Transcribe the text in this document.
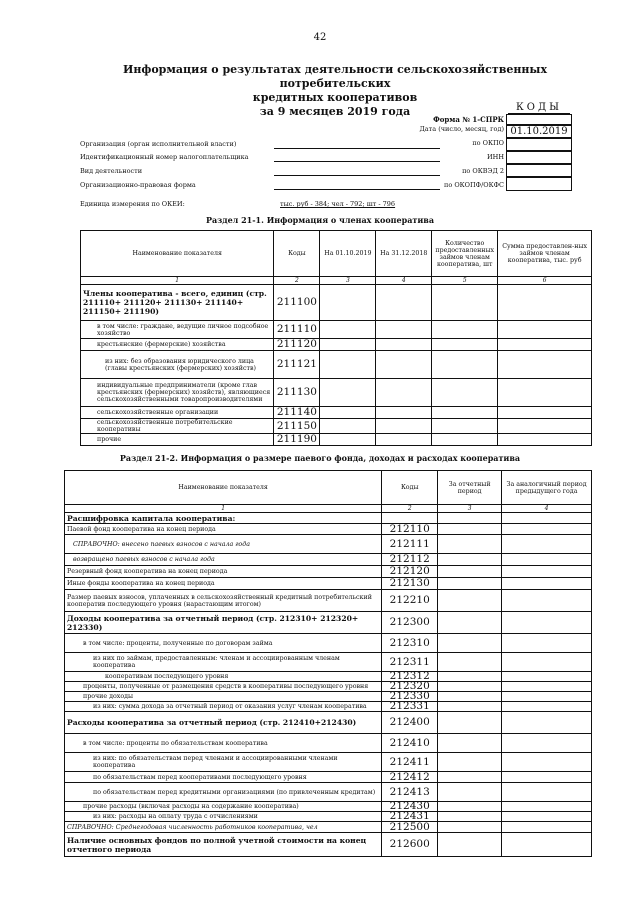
42
Информация о результатах деятельности сельскохозяйственных потребительских
кредитных кооперативов
за 9 месяцев 2019 года	КОДЫ
Форма № 1-СПРК
Дата (число, месяц, год) 01.10.2019
по ОКПО
ИНН
по ОКВЭД 2
по ОКОПФ/ОКФС
Организация (орган исполнительной власти)
Идентификационный номер налогоплательщика
Вид деятельности
Организационно-правовая форма
Единица измерения по ОКЕИ:	тыс. руб - 384; чел - 792; шт - 796
Раздел 21-1. Информация о членах кооператива
Наименование показателя	Коды	На 01.10.2019	На 31.12.2018	Количество предоставленных займов членам кооператива, шт	Сумма предоставлен-ных займов членам кооператива, тыс. руб
1	2	3	4	5	6
Члены кооператива - всего, единиц (стр. 211110+ 211120+ 211130+ 211140+ 211150+ 211190)	211100				
в том числе: граждане, ведущие личное подсобное хозяйство	211110				
крестьянские (фермерские) хозяйства	211120				
из них: без образования юридического лица (главы крестьянских (фермерских) хозяйств)	211121				
индивидуальные предприниматели (кроме глав крестьянских (фермерских) хозяйств), являющиеся сельскохозяйственными товаропроизводителями	211130				
сельскохозяйственные организации	211140				
сельскохозяйственные потребительские кооперативы	211150				
прочие	211190				
Раздел 21-2. Информация о размере паевого фонда, доходах и расходах кооператива
Наименование показателя	Коды	За отчетный период	За аналогичный период предыдущего года
1	2	3	4
Расшифровка капитала кооператива:			
Паевой фонд кооператива на конец периода	212110		
СПРАВОЧНО: внесено паевых взносов с начала года	212111		
возвращено паевых взносов с начала года	212112		
Резервный фонд кооператива на конец периода	212120		
Иные фонды кооператива на конец периода	212130		
Размер паевых взносов, уплаченных в сельскохозяйственный кредитный потребительский кооператив последующего уровня (нарастающим итогом)	212210		
Доходы кооператива за отчетный период (стр. 212310+ 212320+ 212330)	212300		
в том числе: проценты, полученные по договорам займа	212310		
из них по займам, предоставленным: членам и ассоциированным членам кооператива	212311		
кооперативам последующего уровня	212312		
проценты, полученные от размещения средств в кооперативы последующего уровня	212320		
прочие доходы	212330		
из них: сумма дохода за отчетный период от оказания услуг членам кооператива	212331		
Расходы кооператива за отчетный период (стр. 212410+212430)	212400		
в том числе: проценты по обязательствам кооператива	212410		
из них: по обязательствам перед членами и ассоциированными членами кооператива	212411		
по обязательствам перед кооперативами последующего уровня	212412		
по обязательствам перед кредитными организациями (по привлеченным кредитам)	212413		
прочие расходы (включая расходы на содержание кооператива)	212430		
из них: расходы на оплату труда с отчислениями	212431		
СПРАВОЧНО: Среднегодовая численность работников кооператива, чел	212500		
Наличие основных фондов по полной учетной стоимости на конец отчетного периода	212600		
